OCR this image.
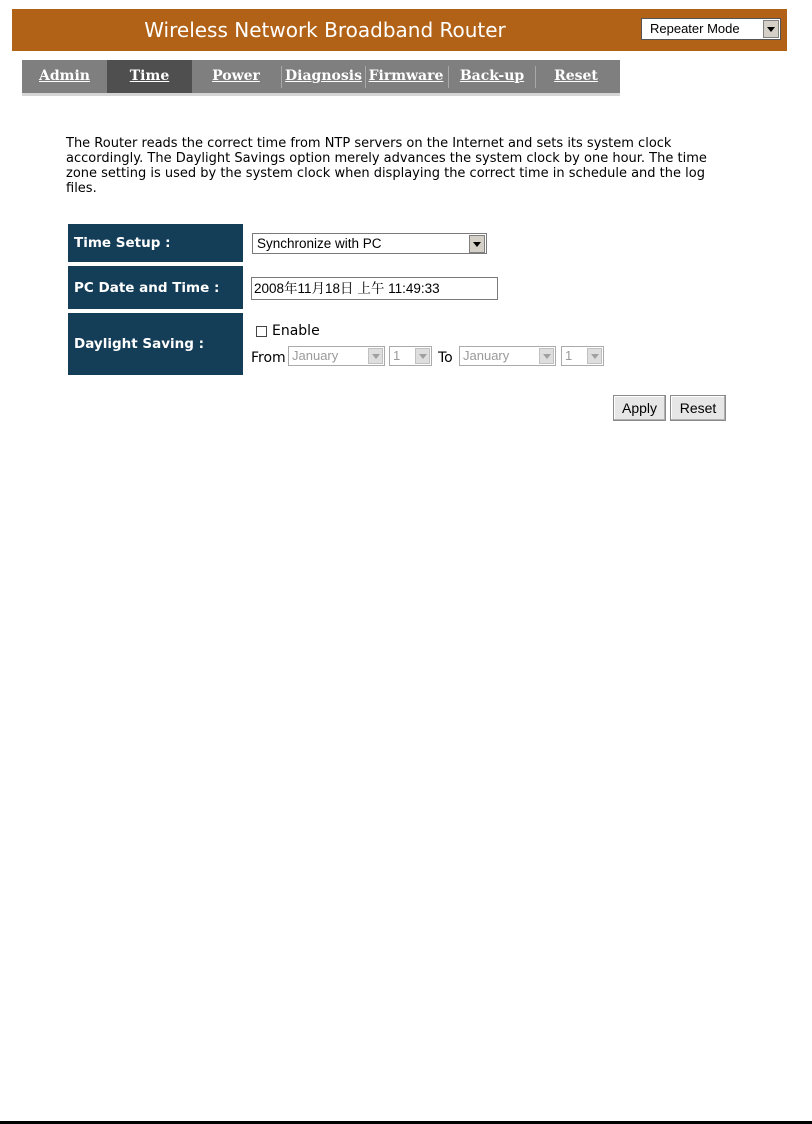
Wireless Network Broadband Router	Repeater Mode
Admin	Time	Power	Diagnosis Firmware	Back-up	Reset
The Router reads the correct time from NTP servers on the Internet and sets its system clock accordingly. The Daylight Savings option merely advances the system clock by one hour. The time zone setting is used by the system clock when displaying the correct time in schedule and the log files.
Time Setup :	Synchronize with PC
PC Date and Time :	2008年11月18日 上午 11:49:33
Daylight Saving :
Enable
From January	1	To January	1
Apply	Reset
